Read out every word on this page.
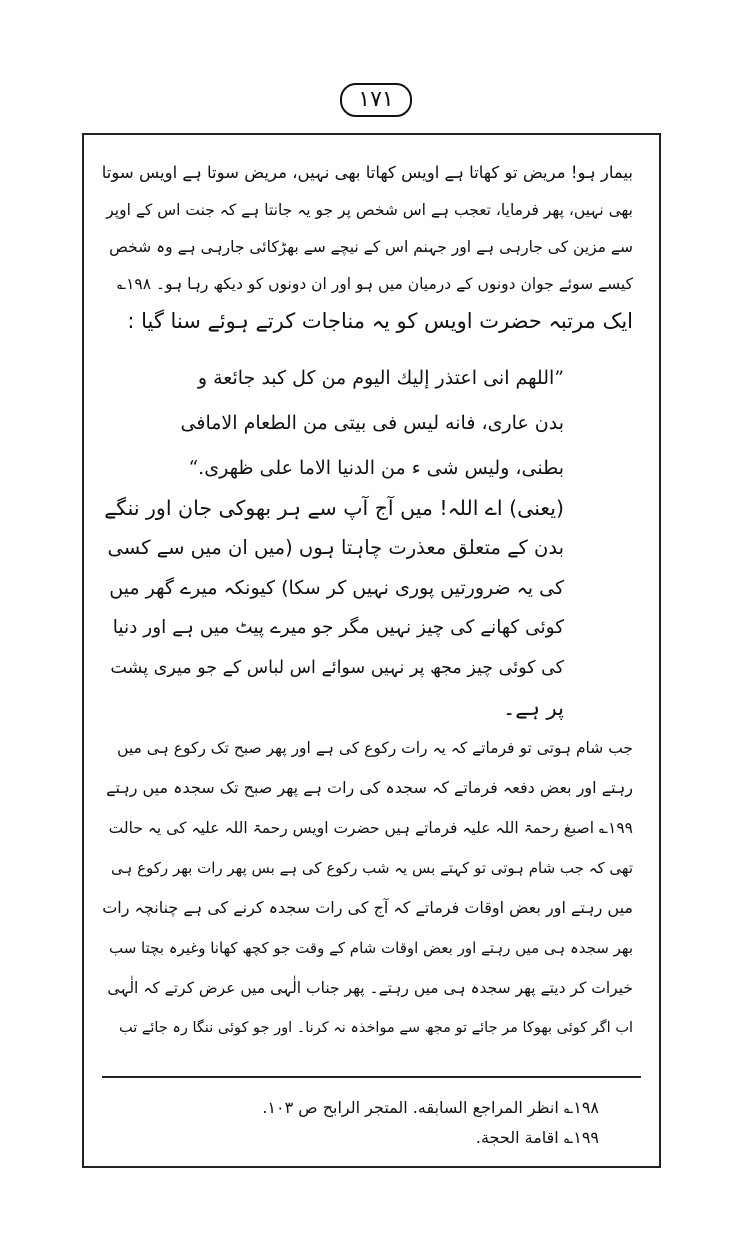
۱۷۱
بیمار ہو! مریض تو کھاتا ہے اویس کھاتا بھی نہیں، مریض سوتا ہے اویس سوتا
بھی نہیں، پھر فرمایا، تعجب ہے اس شخص پر جو یہ جانتا ہے کہ جنت اس کے اوپر
سے مزین کی جارہی ہے اور جہنم اس کے نیچے سے بھڑکائی جارہی ہے وہ شخص
کیسے سوئے جوان دونوں کے درمیان میں ہو اور ان دونوں کو دیکھ رہا ہو۔ ۱۹۸؎
ایک مرتبہ حضرت اویس کو یہ مناجات کرتے ہوئے سنا گیا :
”اللھم انی اعتذر إليك اليوم من كل كبد جائعة و
بدن عاری، فانه ليس فی بيتی من الطعام الامافی
بطنی، ولیس شی ء من الدنيا الاما علی ظهری.“
(یعنی) اے اللہ! میں آج آپ سے ہر بھوکی جان اور ننگے
بدن کے متعلق معذرت چاہتا ہوں (میں ان میں سے کسی
کی یہ ضرورتیں پوری نہیں کر سکا) کیونکہ میرے گھر میں
کوئی کھانے کی چیز نہیں مگر جو میرے پیٹ میں ہے اور دنیا
کی کوئی چیز مجھ پر نہیں سوائے اس لباس کے جو میری پشت
پر ہے۔
جب شام ہوتی تو فرماتے کہ یہ رات رکوع کی ہے اور پھر صبح تک رکوع ہی میں
رہتے اور بعض دفعہ فرماتے کہ سجدہ کی رات ہے پھر صبح تک سجدہ میں رہتے
۱۹۹؎ اصبغ رحمۃ اللہ علیہ فرماتے ہیں حضرت اویس رحمۃ اللہ علیہ کی یہ حالت
تھی کہ جب شام ہوتی تو کہتے بس یہ شب رکوع کی ہے بس پھر رات بھر رکوع ہی
میں رہتے اور بعض اوقات فرماتے کہ آج کی رات سجدہ کرنے کی ہے چنانچہ رات
بھر سجدہ ہی میں رہتے اور بعض اوقات شام کے وقت جو کچھ کھانا وغیرہ بچتا سب
خیرات کر دیتے پھر سجدہ ہی میں رہتے۔ پھر جناب الٰہی میں عرض کرتے کہ الٰہی
اب اگر کوئی بھوکا مر جائے تو مجھ سے مواخذہ نہ کرنا۔ اور جو کوئی ننگا رہ جائے تب
۱۹۸؎ انظر المراجع السابقه. المتجر الرابح ص ۱۰۳.
۱۹۹؎ اقامة الحجة.
